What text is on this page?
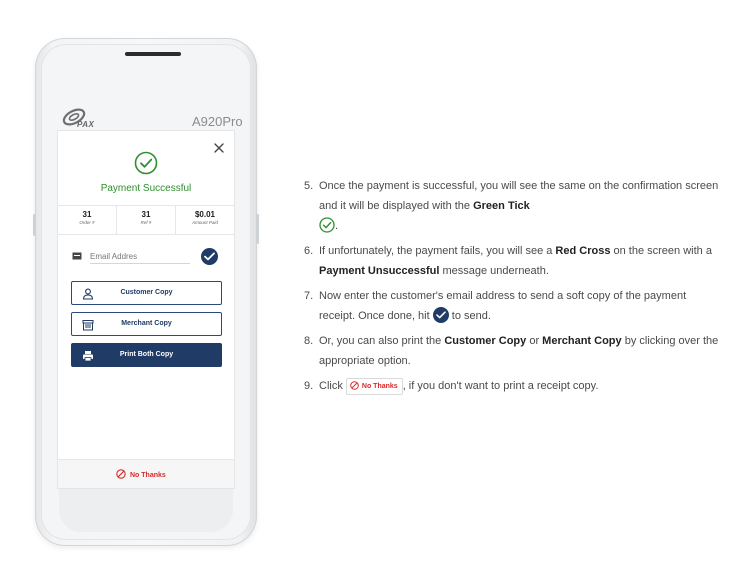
PAX	A920Pro
Payment Successful
31
Order #
31
Ref #
$0.01
Amount Paid
Email Addres
Customer Copy
Merchant Copy
Print Both Copy
No Thanks
5. Once the payment is successful, you will see the same on the confirmation screen and it will be displayed with the Green Tick
.
6. If unfortunately, the payment fails, you will see a Red Cross on the screen with a Payment Unsuccessful message underneath.
7. Now enter the customer's email address to send a soft copy of the payment receipt. Once done, hit
to send.
8. Or, you can also print the Customer Copy or Merchant Copy by clicking over the appropriate option.
9. Click No Thanks , if you don't want to print a receipt copy.
